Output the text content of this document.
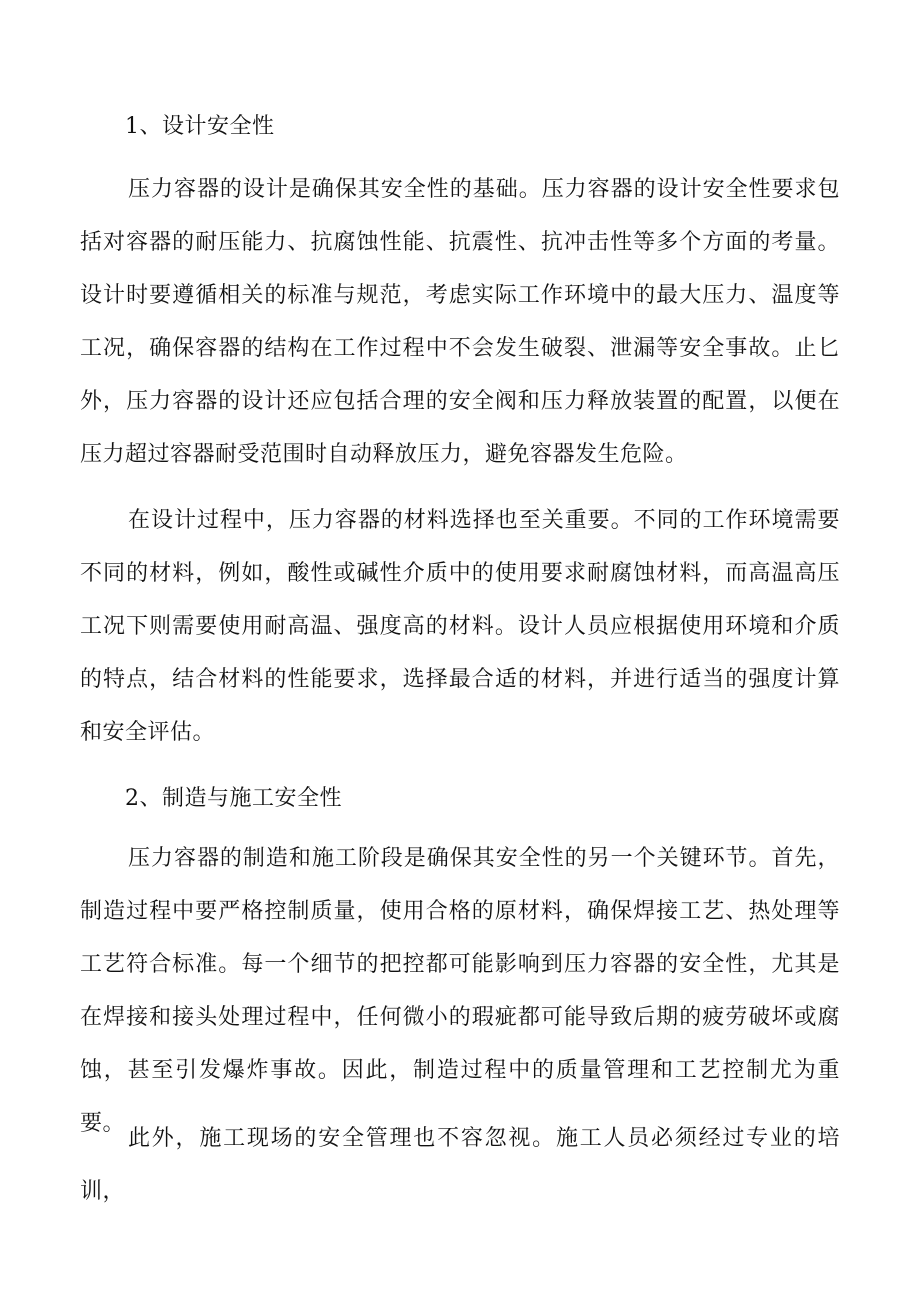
1、设计安全性

压力容器的设计是确保其安全性的基础。压力容器的设计安全性要求包括对容器的耐压能力、抗腐蚀性能、抗震性、抗冲击性等多个方面的考量。设计时要遵循相关的标准与规范，考虑实际工作环境中的最大压力、温度等工况，确保容器的结构在工作过程中不会发生破裂、泄漏等安全事故。止匕外，压力容器的设计还应包括合理的安全阀和压力释放装置的配置，以便在压力超过容器耐受范围时自动释放压力，避免容器发生危险。

在设计过程中，压力容器的材料选择也至关重要。不同的工作环境需要不同的材料，例如，酸性或碱性介质中的使用要求耐腐蚀材料，而高温高压工况下则需要使用耐高温、强度高的材料。设计人员应根据使用环境和介质的特点，结合材料的性能要求，选择最合适的材料，并进行适当的强度计算和安全评估。

2、制造与施工安全性

压力容器的制造和施工阶段是确保其安全性的另一个关键环节。首先，制造过程中要严格控制质量，使用合格的原材料，确保焊接工艺、热处理等工艺符合标准。每一个细节的把控都可能影响到压力容器的安全性，尤其是在焊接和接头处理过程中，任何微小的瑕疵都可能导致后期的疲劳破坏或腐蚀，甚至引发爆炸事故。因此，制造过程中的质量管理和工艺控制尤为重要。

此外，施工现场的安全管理也不容忽视。施工人员必须经过专业的培训，
